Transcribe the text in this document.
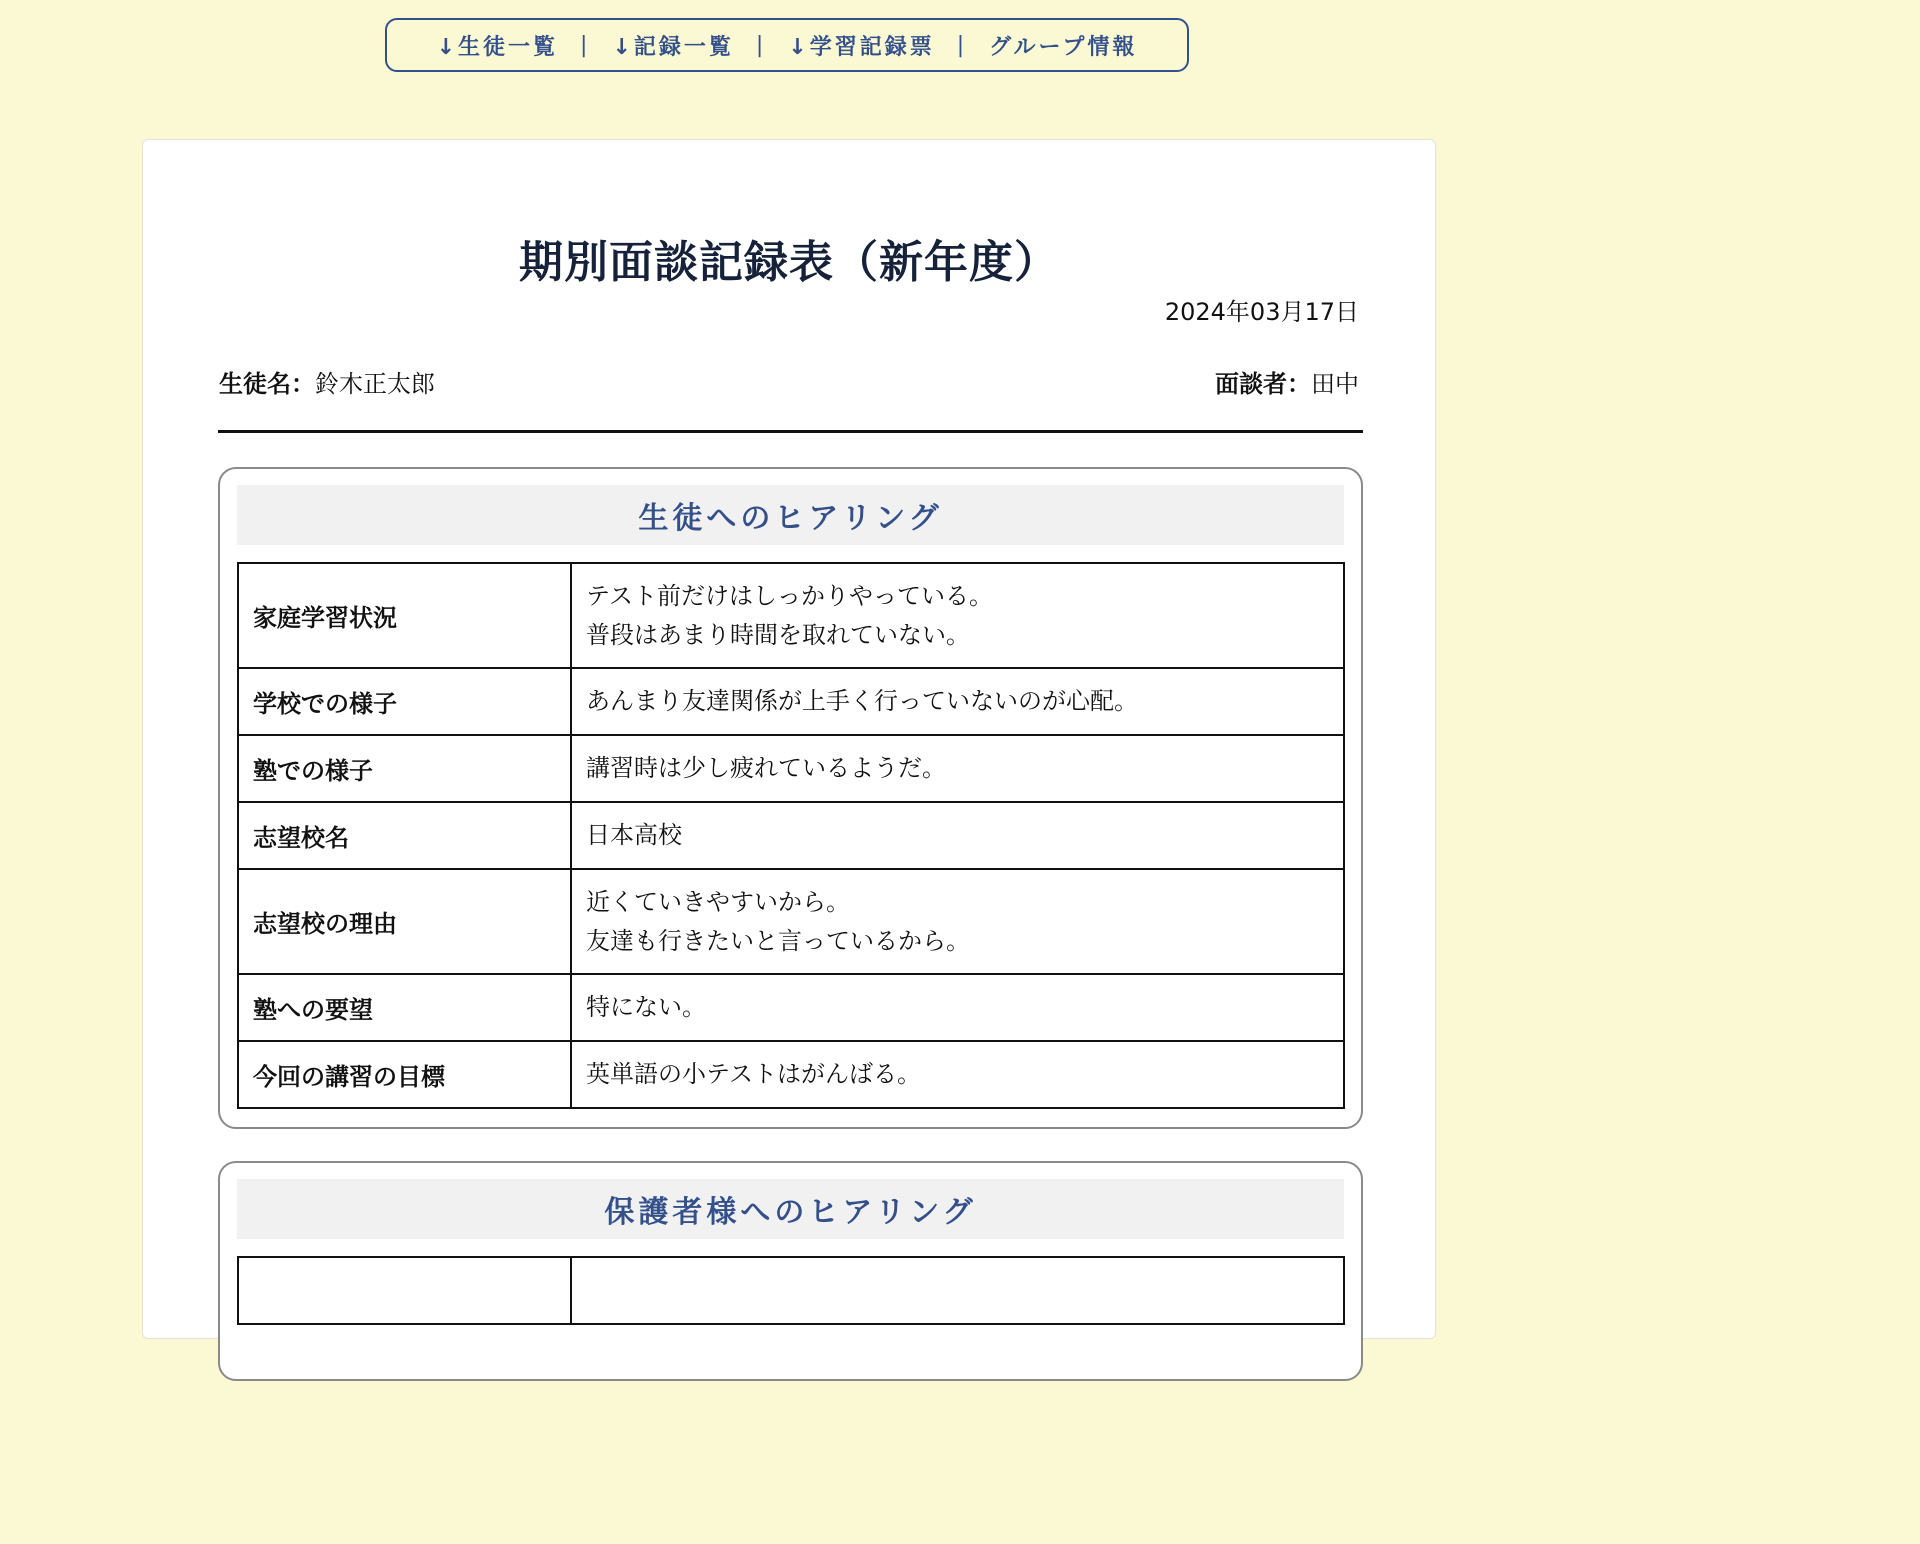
↓生徒一覧 | ↓記録一覧 | ↓学習記録票 | グループ情報
期別面談記録表（新年度）
2024年03月17日
生徒名：鈴木正太郎	面談者：田中
生徒へのヒアリング
家庭学習状況	テスト前だけはしっかりやっている。
普段はあまり時間を取れていない。

学校での様子	あんまり友達関係が上手く行っていないのが心配。

塾での様子	講習時は少し疲れているようだ。

志望校名	日本高校

志望校の理由	近くていきやすいから。
友達も行きたいと言っているから。

塾への要望	特にない。

今回の講習の目標	英単語の小テストはがんばる。
保護者様へのヒアリング
